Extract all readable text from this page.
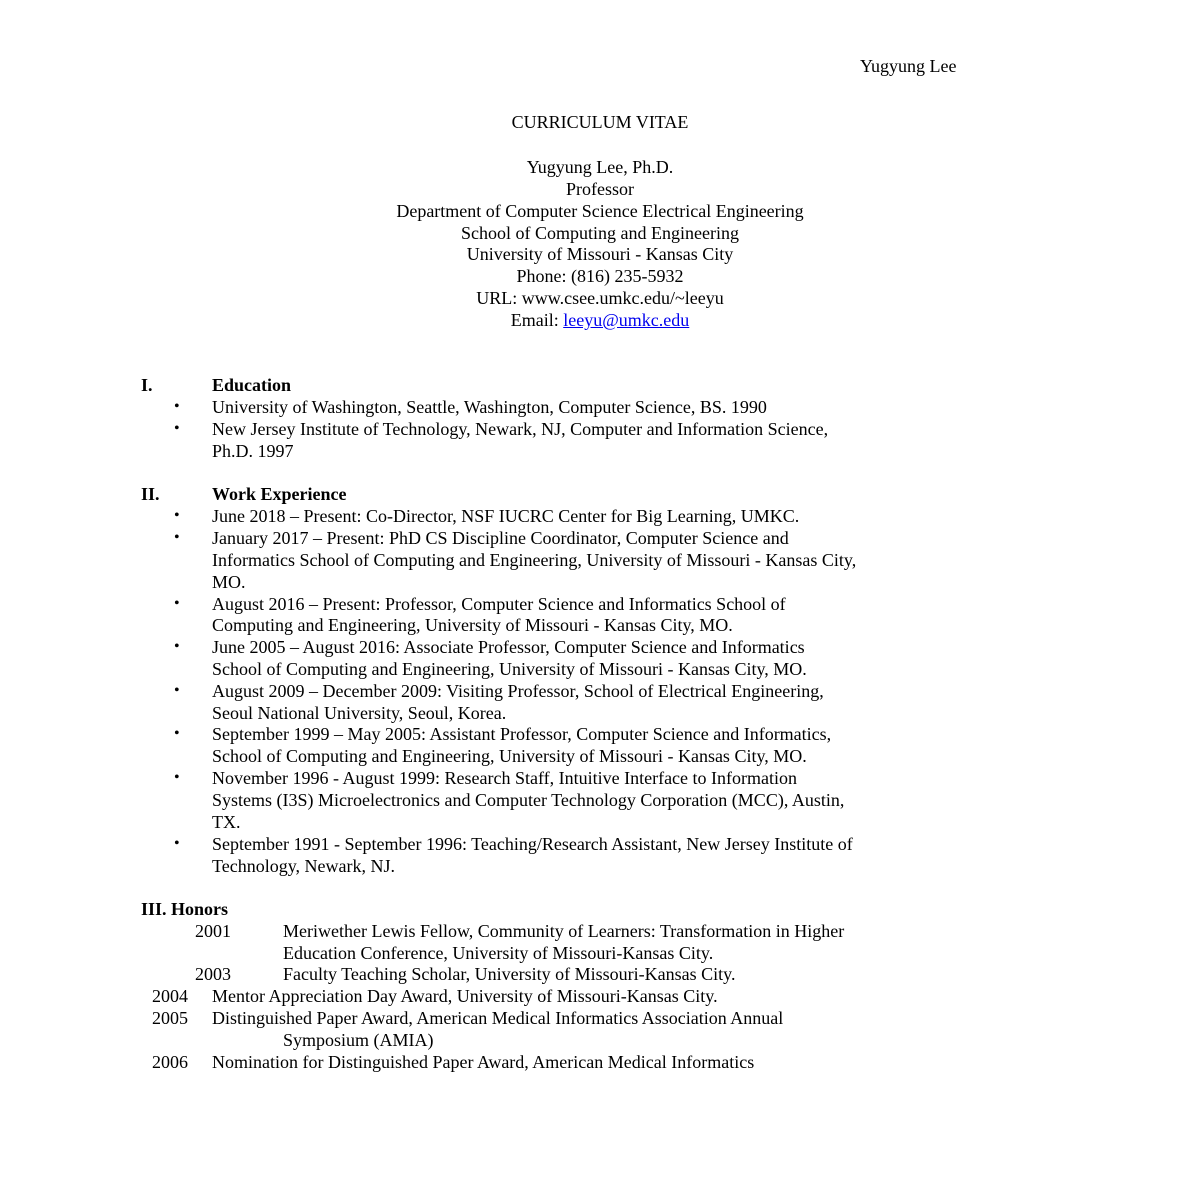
Yugyung Lee
CURRICULUM VITAE
Yugyung Lee, Ph.D.
Professor
Department of Computer Science Electrical Engineering
School of Computing and Engineering
University of Missouri - Kansas City
Phone: (816) 235-5932
URL: www.csee.umkc.edu/~leeyu
Email: leeyu@umkc.edu
I.	Education
• University of Washington, Seattle, Washington, Computer Science, BS. 1990
• New Jersey Institute of Technology, Newark, NJ, Computer and Information Science,
Ph.D. 1997
II.	Work Experience
• June 2018 – Present: Co-Director, NSF IUCRC Center for Big Learning, UMKC.
• January 2017 – Present: PhD CS Discipline Coordinator, Computer Science and
Informatics School of Computing and Engineering, University of Missouri - Kansas City,
MO.
• August 2016 – Present: Professor, Computer Science and Informatics School of
Computing and Engineering, University of Missouri - Kansas City, MO.
• June 2005 – August 2016: Associate Professor, Computer Science and Informatics
School of Computing and Engineering, University of Missouri - Kansas City, MO.
• August 2009 – December 2009: Visiting Professor, School of Electrical Engineering,
Seoul National University, Seoul, Korea.
• September 1999 – May 2005: Assistant Professor, Computer Science and Informatics,
School of Computing and Engineering, University of Missouri - Kansas City, MO.
• November 1996 - August 1999: Research Staff, Intuitive Interface to Information
Systems (I3S) Microelectronics and Computer Technology Corporation (MCC), Austin,
TX.
• September 1991 - September 1996: Teaching/Research Assistant, New Jersey Institute of
Technology, Newark, NJ.
III. Honors
2001	Meriwether Lewis Fellow, Community of Learners: Transformation in Higher
Education Conference, University of Missouri-Kansas City.
2003	Faculty Teaching Scholar, University of Missouri-Kansas City.
2004 Mentor Appreciation Day Award, University of Missouri-Kansas City.
2005 Distinguished Paper Award, American Medical Informatics Association Annual
Symposium (AMIA)
2006 Nomination for Distinguished Paper Award, American Medical Informatics
